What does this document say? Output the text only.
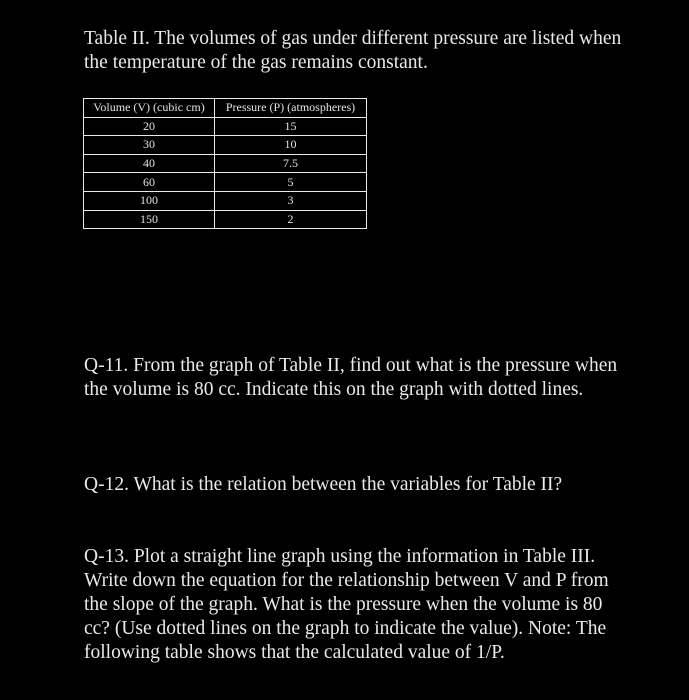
Table II. The volumes of gas under different pressure are listed when the temperature of the gas remains constant.

Volume (V) (cubic cm)	Pressure (P) (atmospheres)
20	15
30	10
40	7.5
60	5
100	3
150	2

Q-11. From the graph of Table II, find out what is the pressure when the volume is 80 cc. Indicate this on the graph with dotted lines.

Q-12. What is the relation between the variables for Table II?

Q-13. Plot a straight line graph using the information in Table III. Write down the equation for the relationship between V and P from the slope of the graph. What is the pressure when the volume is 80 cc? (Use dotted lines on the graph to indicate the value). Note: The following table shows that the calculated value of 1/P.
